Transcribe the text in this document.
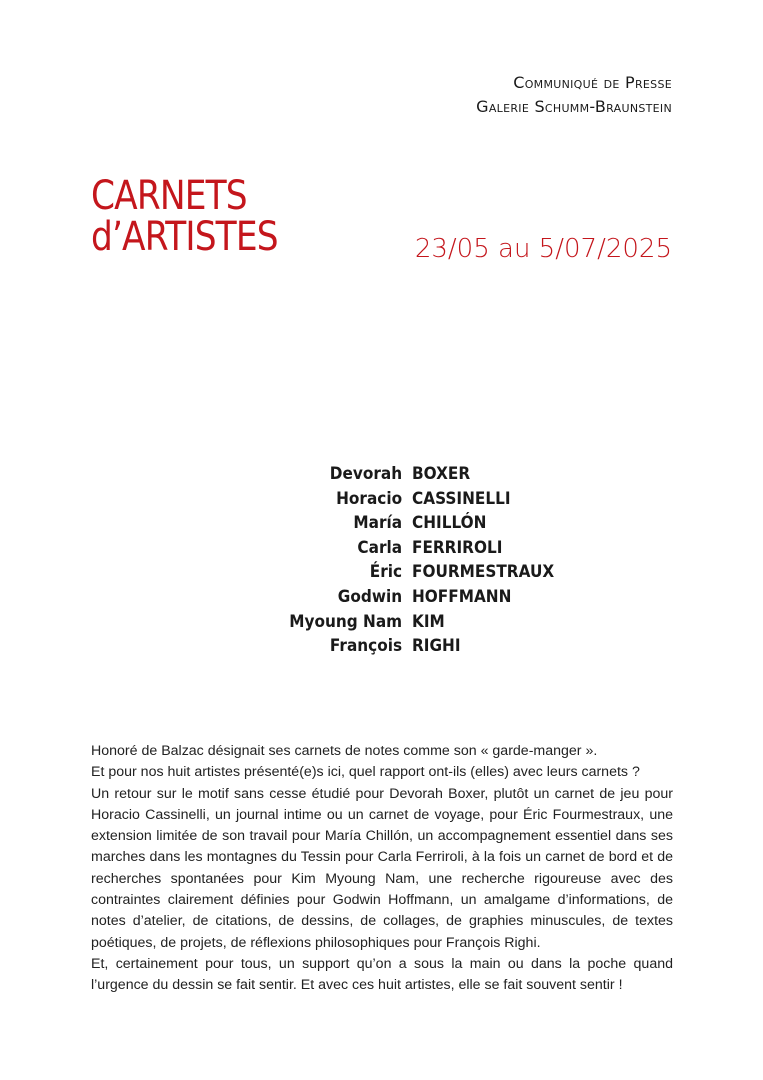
Communiqué de Presse
Galerie Schumm-Braunstein
CARNETS
d’ARTISTES	23/05 au 5/07/2025
Devorah BOXER
Horacio CASSINELLI
María CHILLÓN
Carla FERRIROLI
Éric FOURMESTRAUX
Godwin HOFFMANN
Myoung Nam KIM
François RIGHI

Honoré de Balzac désignait ses carnets de notes comme son « garde-manger ».

Et pour nos huit artistes présenté(e)s ici, quel rapport ont-ils (elles) avec leurs carnets ?

Un retour sur le motif sans cesse étudié pour Devorah Boxer, plutôt un carnet de jeu pour Horacio Cassinelli, un journal intime ou un carnet de voyage, pour Éric Fourmestraux, une extension limitée de son travail pour María Chillón, un accompagnement essentiel dans ses marches dans les montagnes du Tessin pour Carla Ferriroli, à la fois un carnet de bord et de recherches spontanées pour Kim Myoung Nam, une recherche rigoureuse avec des contraintes clairement définies pour Godwin Hoffmann, un amalgame d’informations, de notes d’atelier, de citations, de dessins, de collages, de graphies minuscules, de textes poétiques, de projets, de réflexions philosophiques pour François Righi.

Et, certainement pour tous, un support qu’on a sous la main ou dans la poche quand l’urgence du dessin se fait sentir. Et avec ces huit artistes, elle se fait souvent sentir !
